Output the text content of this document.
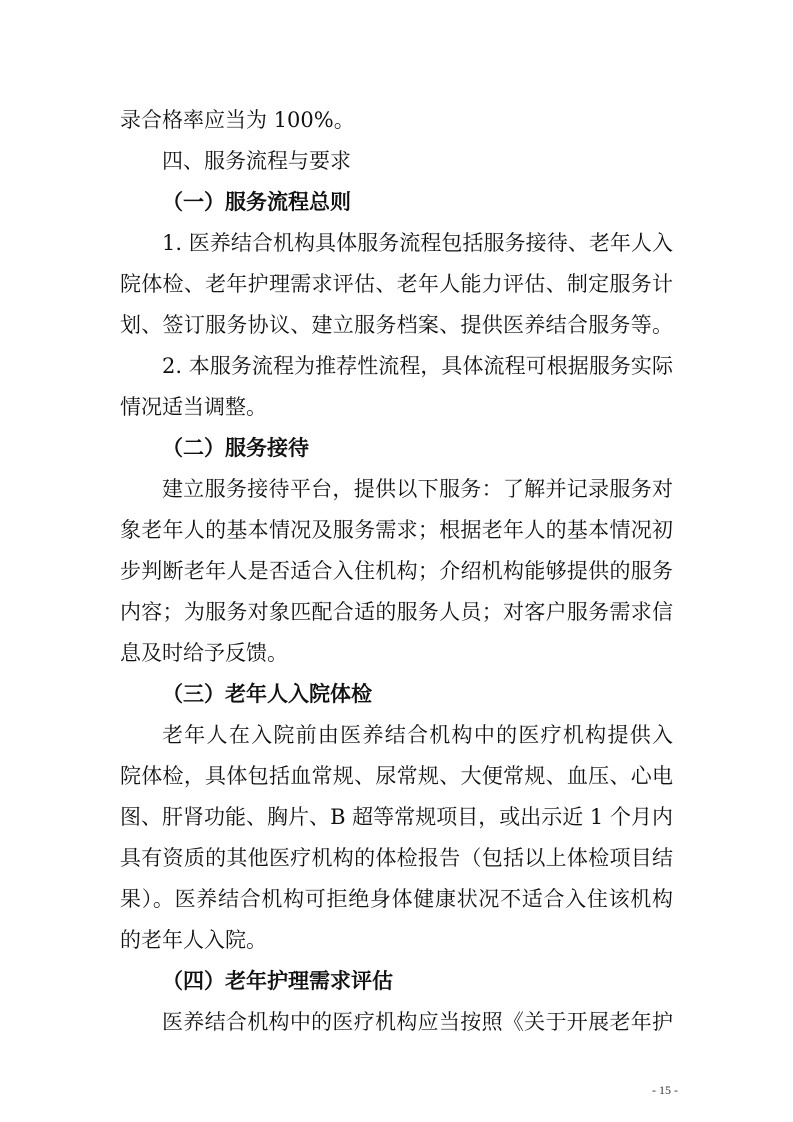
录合格率应当为 100%。

四、服务流程与要求

（一）服务流程总则

1. 医养结合机构具体服务流程包括服务接待、老年人入

院体检、老年护理需求评估、老年人能力评估、制定服务计

划、签订服务协议、建立服务档案、提供医养结合服务等。

2. 本服务流程为推荐性流程，具体流程可根据服务实际

情况适当调整。

（二）服务接待

建立服务接待平台，提供以下服务：了解并记录服务对

象老年人的基本情况及服务需求；根据老年人的基本情况初

步判断老年人是否适合入住机构；介绍机构能够提供的服务

内容；为服务对象匹配合适的服务人员；对客户服务需求信

息及时给予反馈。

（三）老年人入院体检

老年人在入院前由医养结合机构中的医疗机构提供入

院体检，具体包括血常规、尿常规、大便常规、血压、心电

图、肝肾功能、胸片、B 超等常规项目，或出示近 1 个月内

具有资质的其他医疗机构的体检报告（包括以上体检项目结

果）。医养结合机构可拒绝身体健康状况不适合入住该机构

的老年人入院。

（四）老年护理需求评估

医养结合机构中的医疗机构应当按照《关于开展老年护

- 15 -
